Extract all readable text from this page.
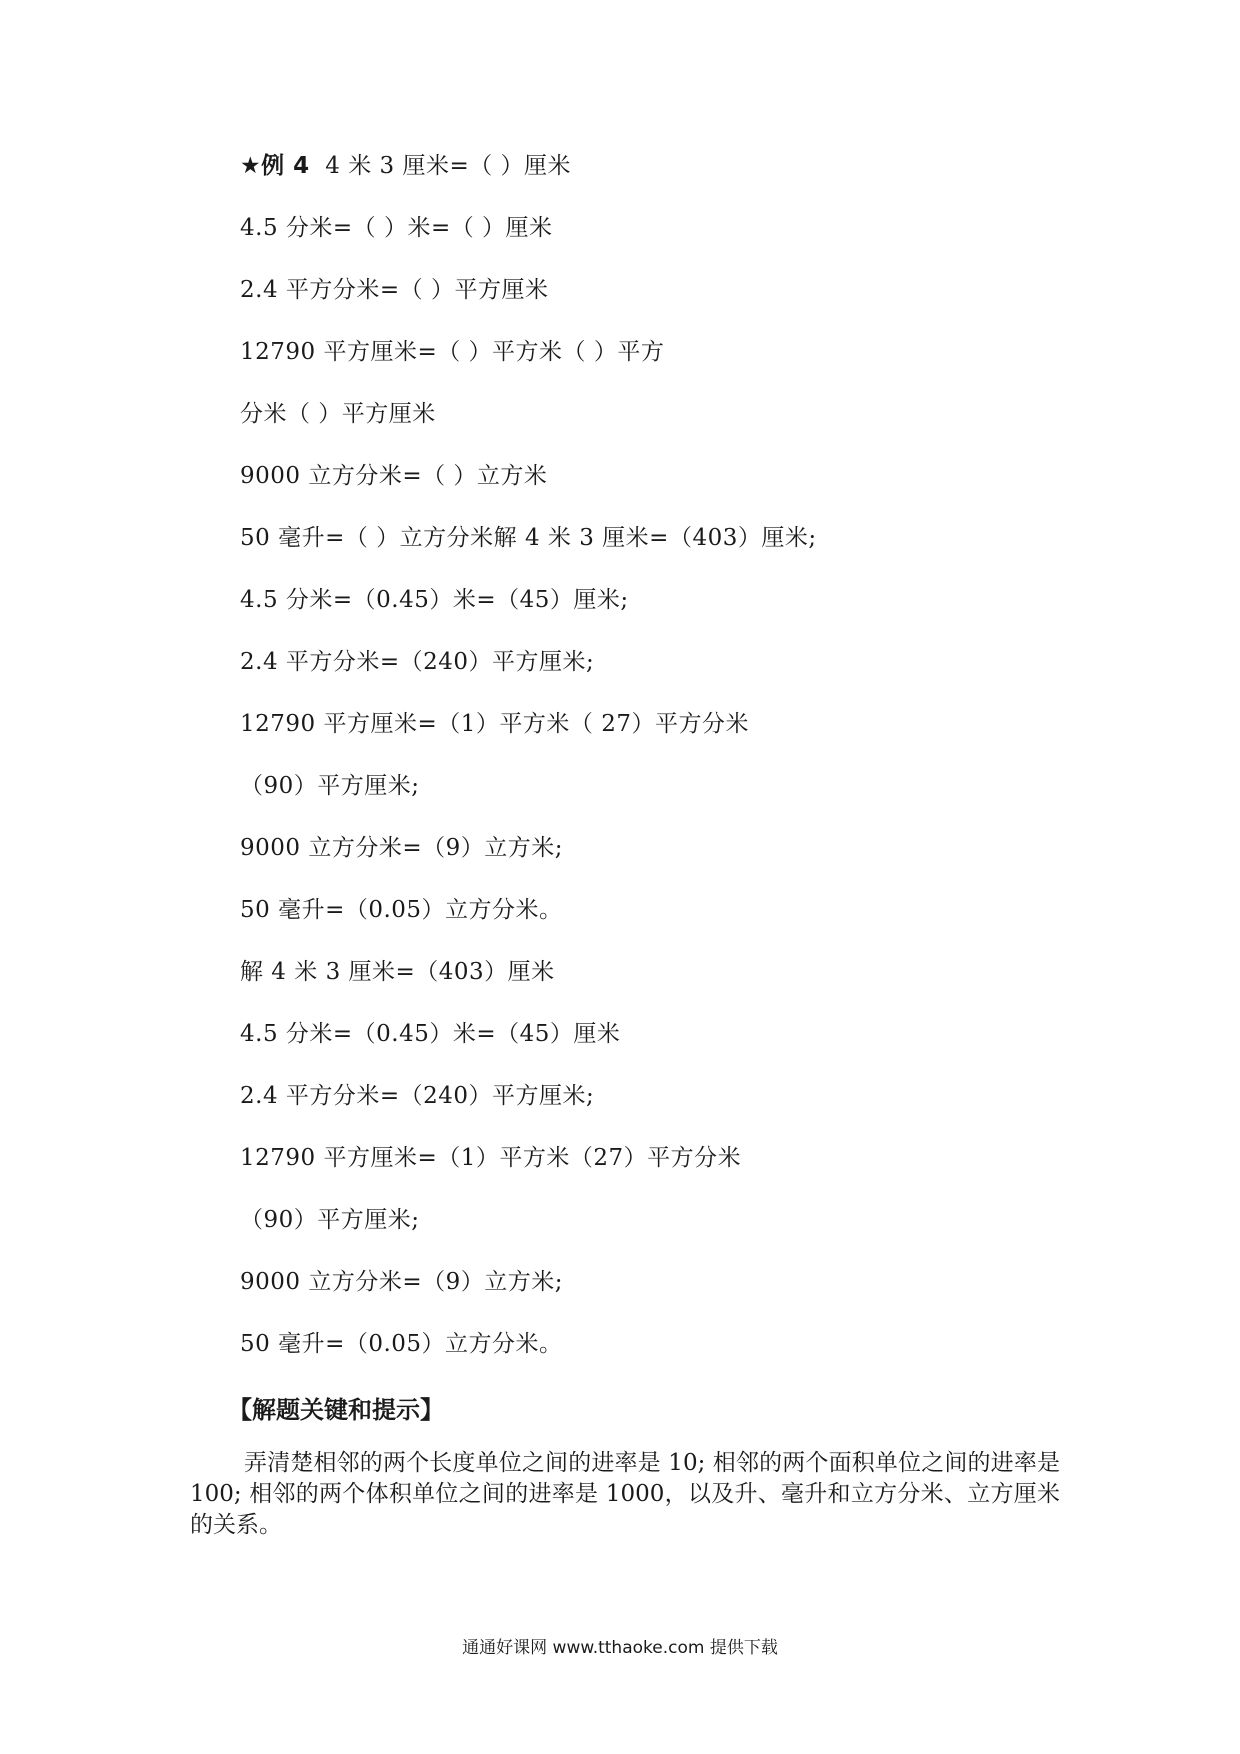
★例 4 4 米 3 厘米=（ ）厘米
4.5 分米=（ ）米=（ ）厘米
2.4 平方分米=（ ）平方厘米
12790 平方厘米=（ ）平方米（ ）平方
分米（ ）平方厘米
9000 立方分米=（ ）立方米
50 毫升=（ ）立方分米解 4 米 3 厘米=（403）厘米;
4.5 分米=（0.45）米=（45）厘米;
2.4 平方分米=（240）平方厘米;
12790 平方厘米=（1）平方米（ 27）平方分米
（90）平方厘米;
9000 立方分米=（9）立方米;
50 毫升=（0.05）立方分米。
解 4 米 3 厘米=（403）厘米
4.5 分米=（0.45）米=（45）厘米
2.4 平方分米=（240）平方厘米;
12790 平方厘米=（1）平方米（27）平方分米
（90）平方厘米;
9000 立方分米=（9）立方米;
50 毫升=（0.05）立方分米。
【解题关键和提示】
弄清楚相邻的两个长度单位之间的进率是 10; 相邻的两个面积单位之间的进率是 100; 相邻的两个体积单位之间的进率是 1000，以及升、毫升和立方分米、立方厘米的关系。
通通好课网 www.tthaoke.com 提供下载
